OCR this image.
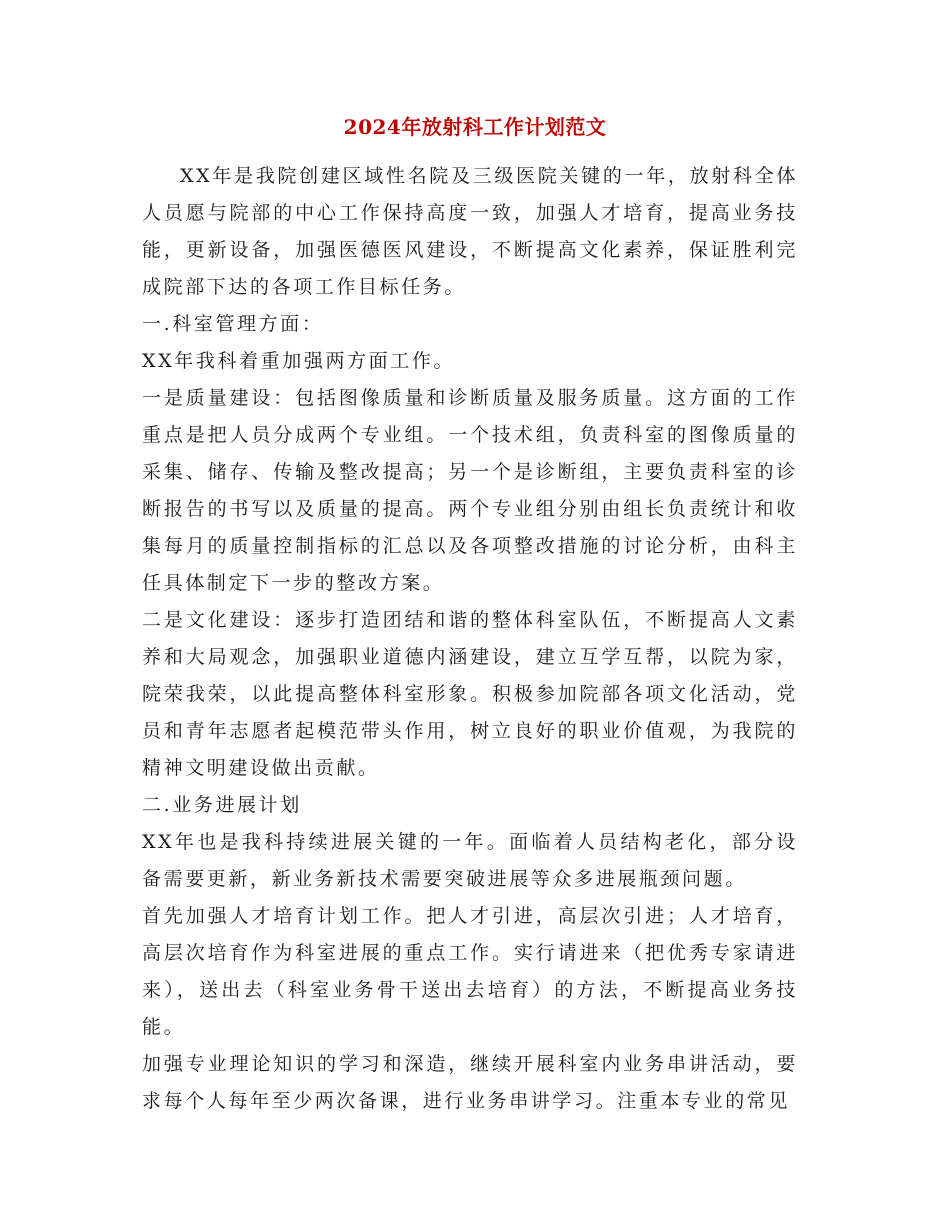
2024年放射科工作计划范文

XX年是我院创建区域性名院及三级医院关键的一年，放射科全体人员愿与院部的中心工作保持高度一致，加强人才培育，提高业务技能，更新设备，加强医德医风建设，不断提高文化素养，保证胜利完成院部下达的各项工作目标任务。

一.科室管理方面：

XX年我科着重加强两方面工作。

一是质量建设：包括图像质量和诊断质量及服务质量。这方面的工作重点是把人员分成两个专业组。一个技术组，负责科室的图像质量的采集、储存、传输及整改提高；另一个是诊断组，主要负责科室的诊断报告的书写以及质量的提高。两个专业组分别由组长负责统计和收集每月的质量控制指标的汇总以及各项整改措施的讨论分析，由科主任具体制定下一步的整改方案。

二是文化建设：逐步打造团结和谐的整体科室队伍，不断提高人文素养和大局观念，加强职业道德内涵建设，建立互学互帮，以院为家，院荣我荣，以此提高整体科室形象。积极参加院部各项文化活动，党员和青年志愿者起模范带头作用，树立良好的职业价值观，为我院的精神文明建设做出贡献。

二.业务进展计划

XX年也是我科持续进展关键的一年。面临着人员结构老化，部分设备需要更新，新业务新技术需要突破进展等众多进展瓶颈问题。

首先加强人才培育计划工作。把人才引进，高层次引进；人才培育，高层次培育作为科室进展的重点工作。实行请进来（把优秀专家请进来），送出去（科室业务骨干送出去培育）的方法，不断提高业务技能。

加强专业理论知识的学习和深造，继续开展科室内业务串讲活动，要求每个人每年至少两次备课，进行业务串讲学习。注重本专业的常见
